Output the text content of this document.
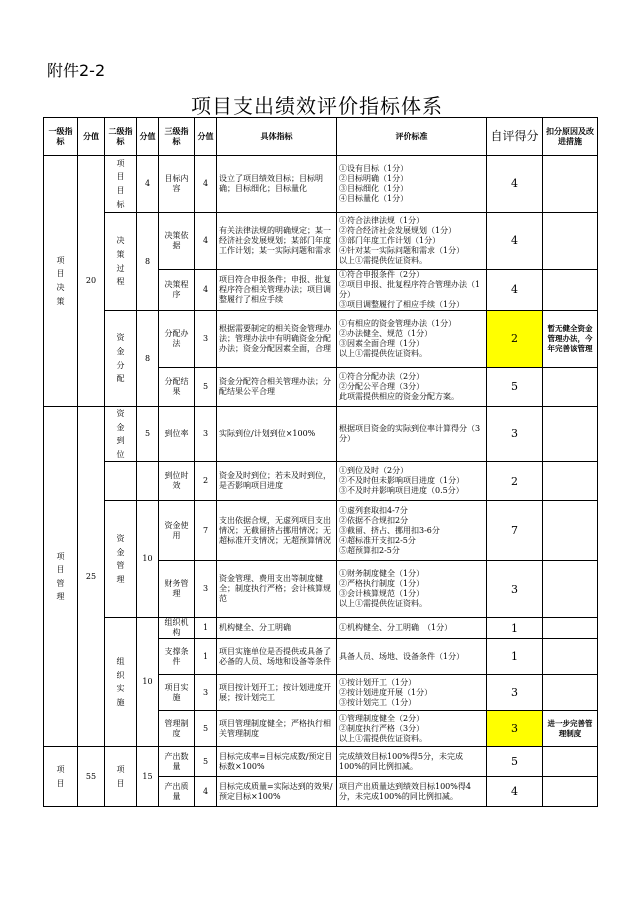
附件2-2
项目支出绩效评价指标体系
一级指标	分值	二级指标	分值	三级指标	分值	具体指标	评价标准	自评得分	扣分原因及改进措施

项目决策	20	项目目标	4	目标内容	4	设立了项目绩效目标；目标明确；目标细化；目标量化	①设有目标（1分）
②目标明确（1分）
③目标细化（1分）
④目标量化（1分）	4	

		决策过程	8	决策依据	4	有关法律法规的明确规定；某一经济社会发展规划；某部门年度工作计划；某一实际问题和需求	①符合法律法规（1分）
②符合经济社会发展规划（1分）
③部门年度工作计划（1分）
④针对某一实际问题和需求（1分）
以上①需提供佐证资料。	4	
				决策程序	4	项目符合申报条件；申报、批复程序符合相关管理办法；项目调整履行了相应手续	①符合申报条件（2分）
②项目申报、批复程序符合管理办法（1分）
③项目调整履行了相应手续（1分）	4	

		资金分配	8	分配办法	3	根据需要制定的相关资金管理办法；管理办法中有明确资金分配办法；资金分配因素全面，合理	①有相应的资金管理办法（1分）
②办法健全、规范（1分）
③因素全面合理（1分）
以上①需提供佐证资料。	2	暂无健全资金管理办法，今年完善该管理
				分配结果	5	资金分配符合相关管理办法；分配结果公平合理	①符合分配办法（2分）
②分配公平合理（3分）
此项需提供相应的资金分配方案。	5	

项目管理	25	资金到位	5	到位率	3	实际到位/计划到位×100%	根据项目资金的实际到位率计算得分（3分）	3	

				到位时效	2	资金及时到位；若未及时到位，是否影响项目进度	①到位及时（2分）
②不及时但未影响项目进度（1分）
③不及时并影响项目进度（0.5分）	2	

		资金管理	10	资金使用	7	支出依据合规，无虚列项目支出情况；无截留挤占挪用情况；无超标准开支情况；无超预算情况	①虚列套取扣4-7分
②依据不合规扣2分
③截留、挤占、挪用扣3-6分
④超标准开支扣2-5分
⑤超预算扣2-5分	7	
				财务管理	3	资金管理、费用支出等制度健全；制度执行严格；会计核算规范	①财务制度健全（1分）
②严格执行制度（1分）
③会计核算规范（1分）
以上①需提供佐证资料。	3	

		组织实施	10	组织机构	1	机构健全、分工明确	①机构健全、分工明确　（1分）	1	
				支撑条件	1	项目实施单位是否提供或具备了必备的人员、场地和设备等条件	具备人员、场地、设备条件（1分）	1	
				项目实施	3	项目按计划开工；按计划进度开展；按计划完工	①按计划开工（1分）
②按计划进度开展（1分）
③按计划完工（1分）	3	
				管理制度	5	项目管理制度健全；严格执行相关管理制度	①管理制度健全（2分）
②制度执行严格（3分）
以上①需提供佐证资料。	3	进一步完善管理制度

项目	55	项目	15	产出数量	5	目标完成率=目标完成数/预定目标数×100%	完成绩效目标100%得5分，未完成100%的同比例扣减。	5	
				产出质量	4	目标完成质量=实际达到的效果/预定目标×100%	项目产出质量达到绩效目标100%得4分，未完成100%的同比例扣减。	4	
